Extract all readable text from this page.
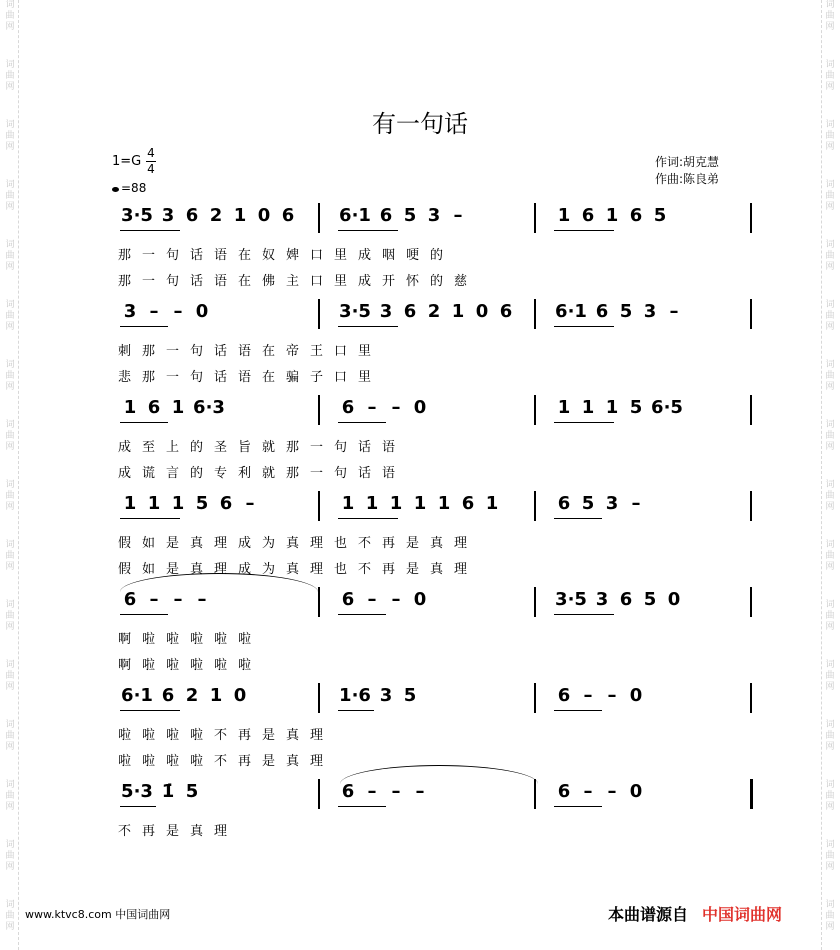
词
曲
网
词
曲
网
词
曲
网
词
曲
网
词
曲
网
词
曲
网
词
曲
网
词
曲
网
词
曲
网
词
曲
网
词
曲
网
词
曲
网
词
曲
网
词
曲
网
词
曲
网
词
曲
网
词
曲
网
词
曲
网
词
曲
网
词
曲
网
词
曲
网
词
曲
网
词
曲
网
词
曲
网
词
曲
网
词
曲
网
词
曲
网
词
曲
网
词
曲
网
词
曲
网
词
曲
网
词
曲
网
有一句话
1=G
4
4
=88
作词:胡克慧
作曲:陈良弟
3·5 3 6 2 1 0 6	6·1 6 5 3 –	1 6 1 6 5
那 一 句 话 语 在 奴 婢 口 里 成 咽 哽 的
那 一 句 话 语 在 佛 主 口 里 成 开 怀 的 慈
3 – – 0	3·5 3 6 2 1 0 6	6·1 6 5 3 –
刺 那 一 句 话 语 在 帝 王 口 里
悲 那 一 句 话 语 在 骗 子 口 里
1 6 1 6·3	6 – – 0	1 1 1 5 6·5
成 至 上 的 圣 旨 就 那 一 句 话 语
成 谎 言 的 专 利 就 那 一 句 话 语
1 1 1 5 6 –	1 1 1 1 1 6 1	6 5 3 –
假 如 是 真 理 成 为 真 理 也 不 再 是 真 理
假 如 是 真 理 成 为 真 理 也 不 再 是 真 理
6 – – –	6 – – 0	3·5 3 6 5 0
啊 啦 啦 啦 啦 啦
啊 啦 啦 啦 啦 啦
6·1 6 2 1 0	1·6 3 5	6 – – 0
啦 啦 啦 啦 不 再 是 真 理
啦 啦 啦 啦 不 再 是 真 理
5·3 1̇ 5	6 – – –	6 – – 0
不 再 是 真 理
www.ktvc8.com 中国词曲网	本曲谱源自 中国词曲网
